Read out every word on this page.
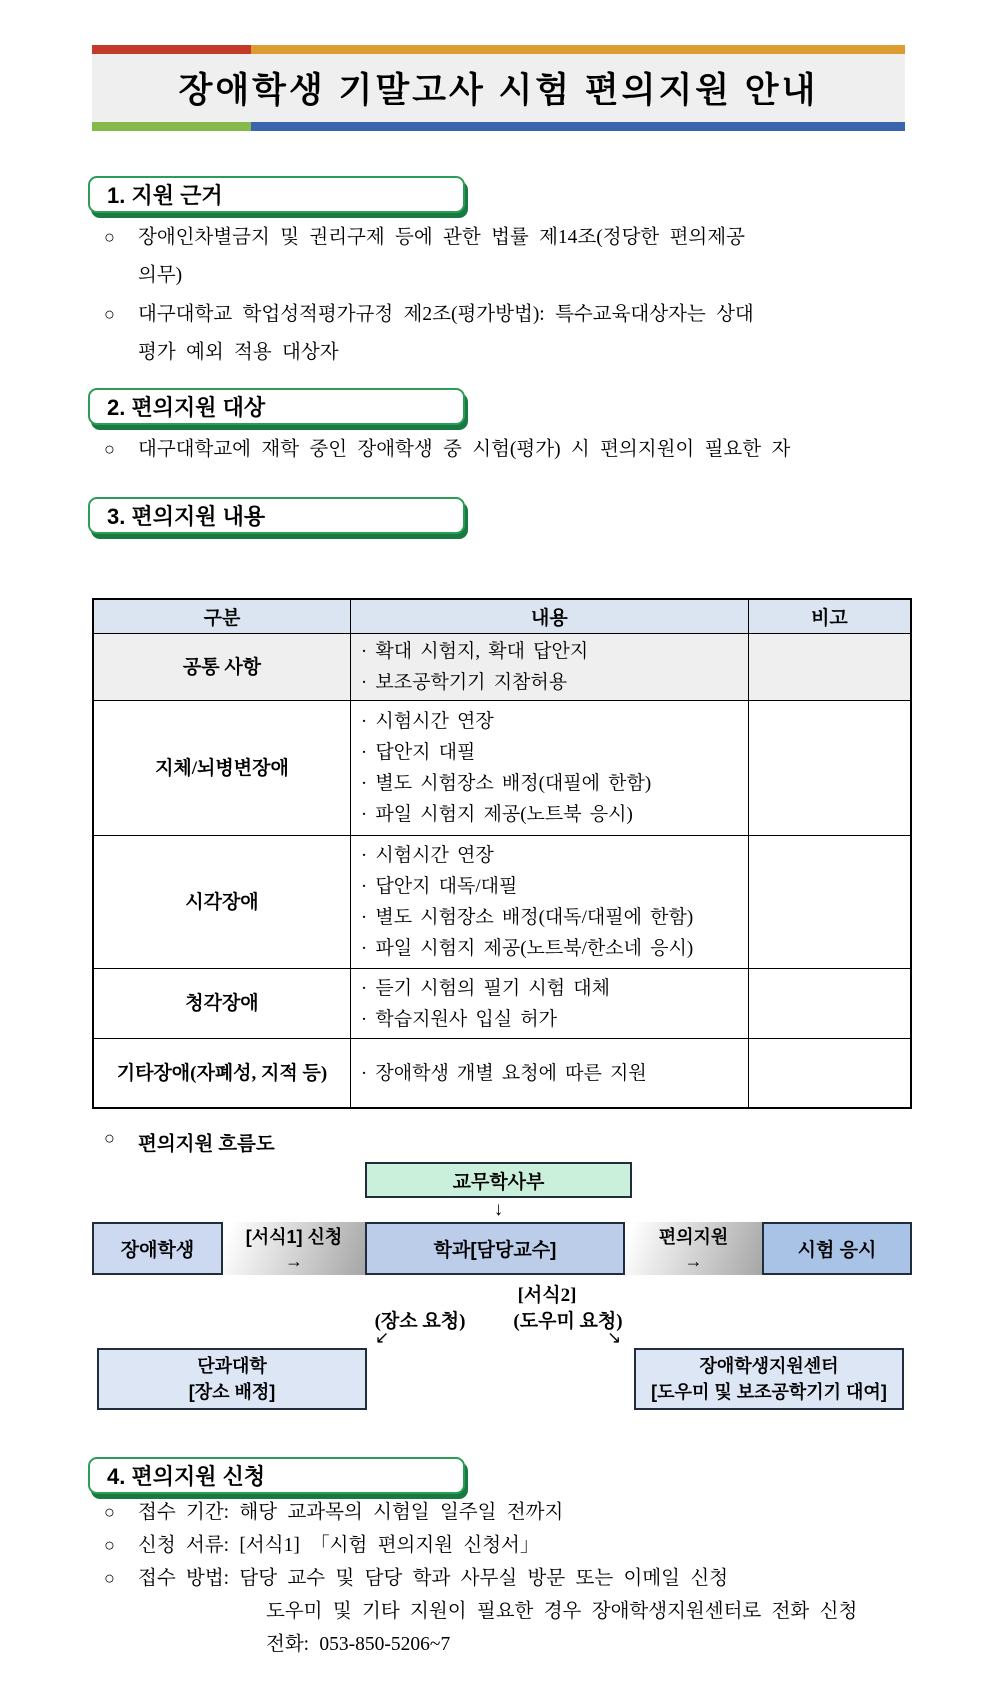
장애학생 기말고사 시험 편의지원 안내
1. 지원 근거
○	장애인차별금지 및 권리구제 등에 관한 법률 제14조(정당한 편의제공
의무)
○	대구대학교 학업성적평가규정 제2조(평가방법): 특수교육대상자는 상대
평가 예외 적용 대상자
2. 편의지원 대상
○	대구대학교에 재학 중인 장애학생 중 시험(평가) 시 편의지원이 필요한 자
3. 편의지원 내용
구분	내용	비고
공통 사항	· 확대 시험지, 확대 답안지
· 보조공학기기 지참허용	

지체/뇌병변장애	· 시험시간 연장
· 답안지 대필
· 별도 시험장소 배정(대필에 한함)
· 파일 시험지 제공(노트북 응시)	

시각장애	· 시험시간 연장
· 답안지 대독/대필
· 별도 시험장소 배정(대독/대필에 한함)
· 파일 시험지 제공(노트북/한소네 응시)	

청각장애	· 듣기 시험의 필기 시험 대체
· 학습지원사 입실 허가	

기타장애(자폐성, 지적 등)	· 장애학생 개별 요청에 따른 지원	

○	편의지원 흐름도
교무학사부
↓
장애학생
[서식1] 신청
→	학과[담당교수]
편의지원
→	시험 응시
[서식2]
(장소 요청)	(도우미 요청)
↙	↘
단과대학
[장소 배정]
장애학생지원센터
[도우미 및 보조공학기기 대여]
4. 편의지원 신청
○	접수 기간: 해당 교과목의 시험일 일주일 전까지
○	신청 서류: [서식1] 「시험 편의지원 신청서」
○	접수 방법: 담당 교수 및 담당 학과 사무실 방문 또는 이메일 신청
도우미 및 기타 지원이 필요한 경우 장애학생지원센터로 전화 신청
전화: 053-850-5206~7
